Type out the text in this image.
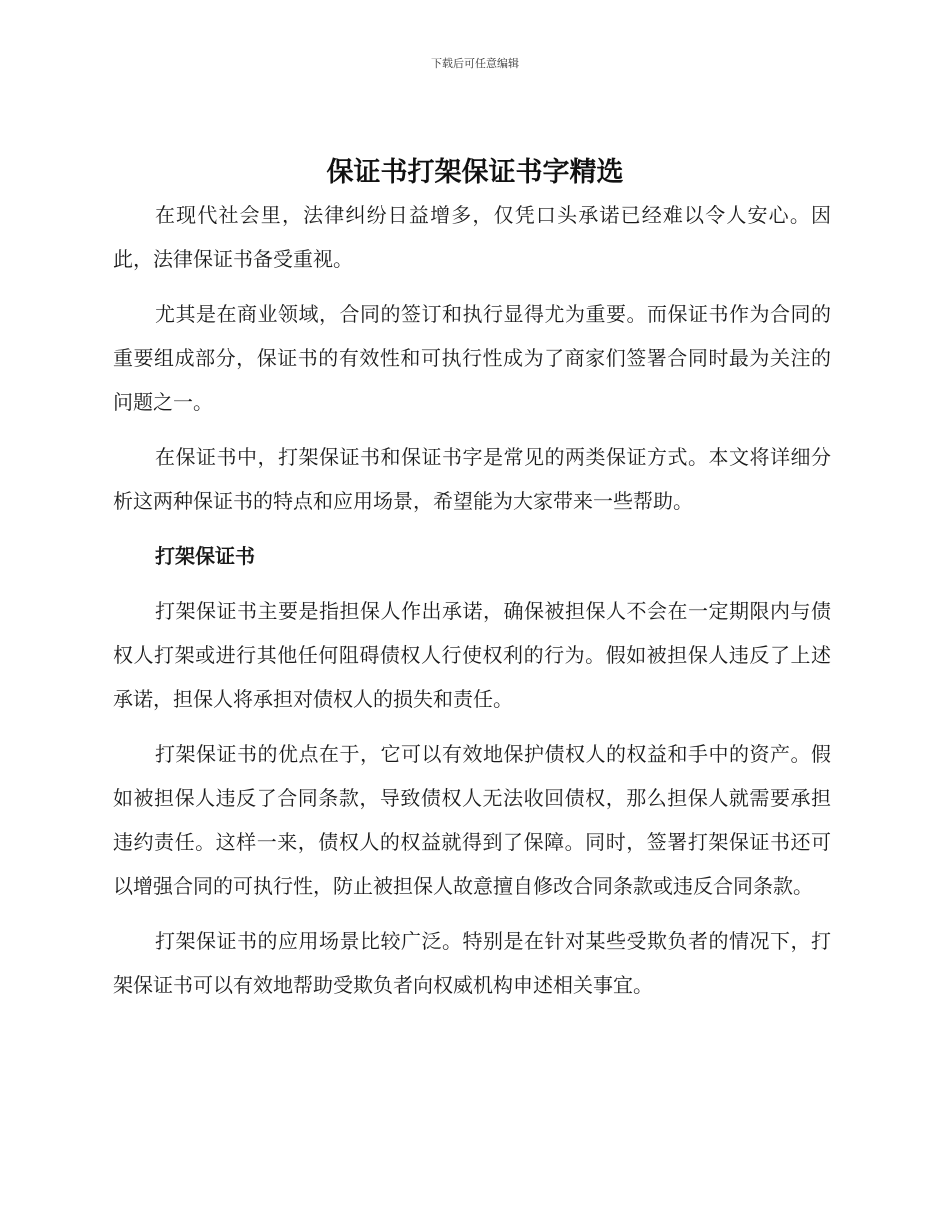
下载后可任意编辑
保证书打架保证书字精选

在现代社会里，法律纠纷日益增多，仅凭口头承诺已经难以令人安心。因此，法律保证书备受重视。

尤其是在商业领域，合同的签订和执行显得尤为重要。而保证书作为合同的重要组成部分，保证书的有效性和可执行性成为了商家们签署合同时最为关注的问题之一。

在保证书中，打架保证书和保证书字是常见的两类保证方式。本文将详细分析这两种保证书的特点和应用场景，希望能为大家带来一些帮助。

打架保证书

打架保证书主要是指担保人作出承诺，确保被担保人不会在一定期限内与债权人打架或进行其他任何阻碍债权人行使权利的行为。假如被担保人违反了上述承诺，担保人将承担对债权人的损失和责任。

打架保证书的优点在于，它可以有效地保护债权人的权益和手中的资产。假如被担保人违反了合同条款，导致债权人无法收回债权，那么担保人就需要承担违约责任。这样一来，债权人的权益就得到了保障。同时，签署打架保证书还可以增强合同的可执行性，防止被担保人故意擅自修改合同条款或违反合同条款。

打架保证书的应用场景比较广泛。特别是在针对某些受欺负者的情况下，打架保证书可以有效地帮助受欺负者向权威机构申述相关事宜。
